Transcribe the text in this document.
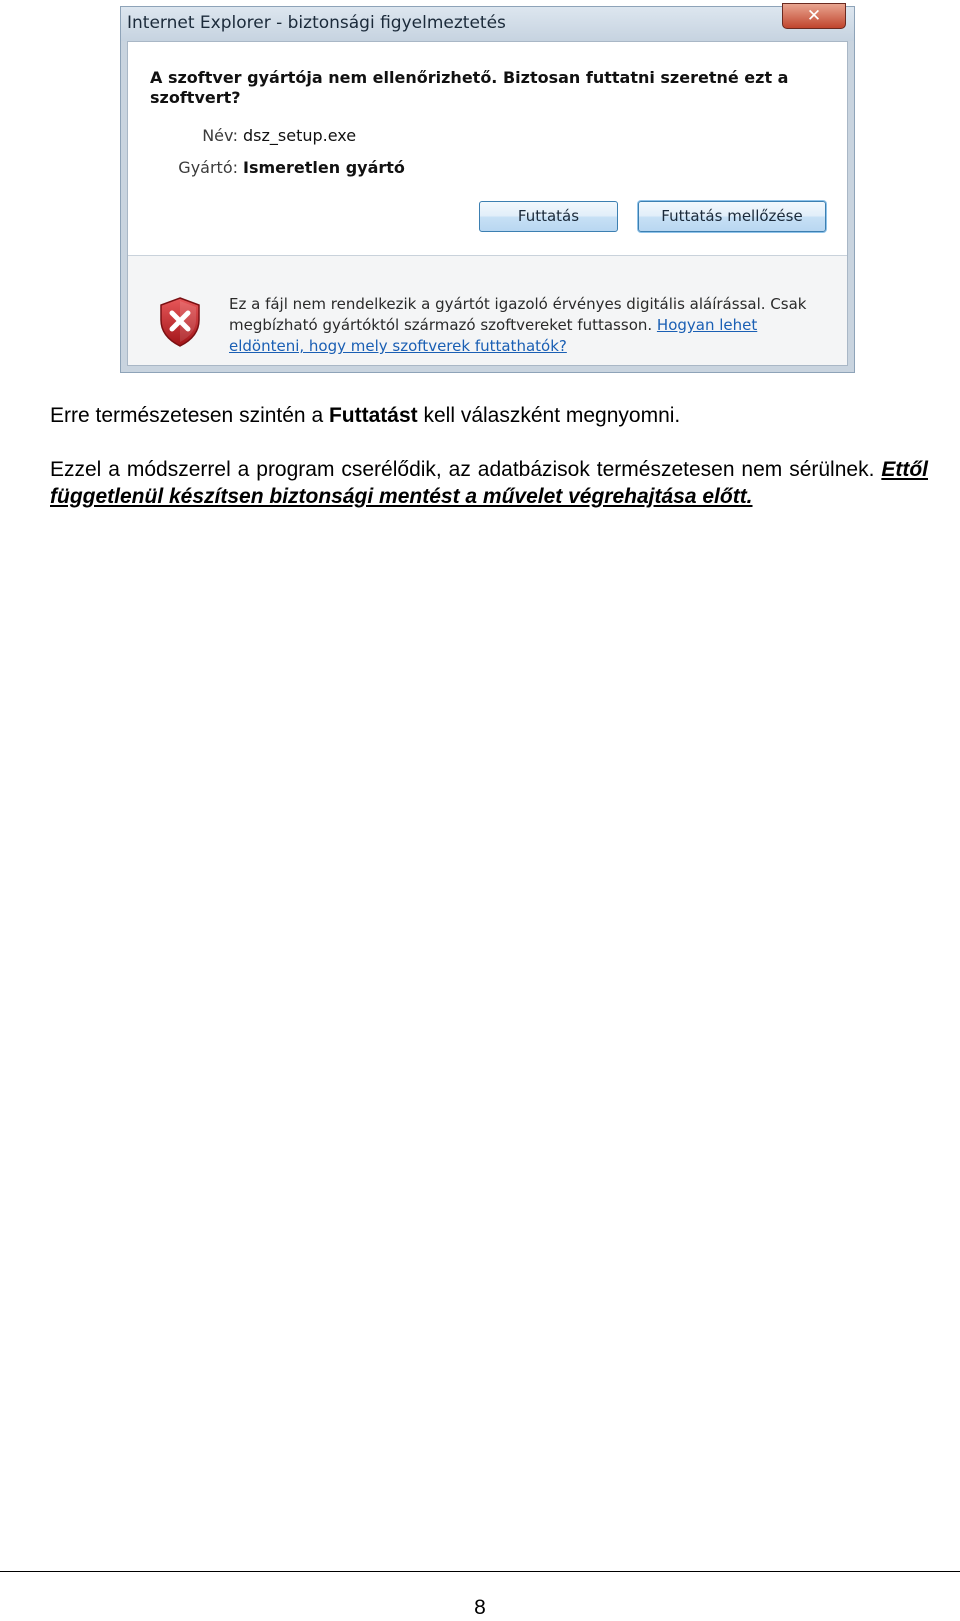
Internet Explorer - biztonsági figyelmeztetés	✕
A szoftver gyártója nem ellenőrizhető. Biztosan futtatni szeretné ezt a szoftvert?
Név: dsz_setup.exe
Gyártó: Ismeretlen gyártó
Futtatás	Futtatás mellőzése
Ez a fájl nem rendelkezik a gyártót igazoló érvényes digitális aláírással. Csak megbízható gyártóktól származó szoftvereket futtasson. Hogyan lehet eldönteni, hogy mely szoftverek futtathatók?
Erre természetesen szintén a Futtatást kell válaszként megnyomni.
Ezzel a módszerrel a program cserélődik, az adatbázisok természetesen nem sérülnek. Ettől függetlenül készítsen biztonsági mentést a művelet végrehajtása előtt.
8
